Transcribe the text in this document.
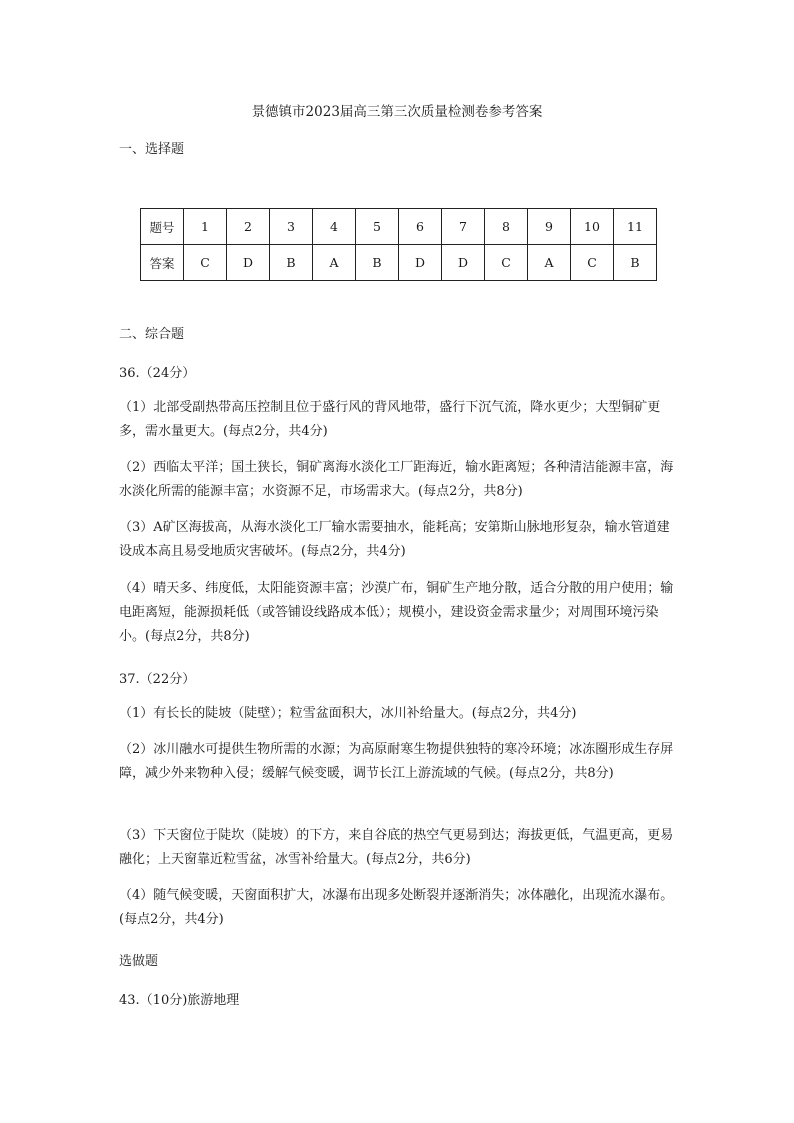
景德镇市2023届高三第三次质量检测卷参考答案
一、选择题
题号	1	2	3	4	5	6	7	8	9	10	11
答案	C	D	B	A	B	D	D	C	A	C	B
二、综合题
36.（24分）
（1）北部受副热带高压控制且位于盛行风的背风地带，盛行下沉气流，降水更少；大型铜矿更多，需水量更大。(每点2分，共4分)
（2）西临太平洋；国土狭长，铜矿离海水淡化工厂距海近，输水距离短；各种清洁能源丰富，海水淡化所需的能源丰富；水资源不足，市场需求大。(每点2分，共8分)
（3）A矿区海拔高，从海水淡化工厂输水需要抽水，能耗高；安第斯山脉地形复杂，输水管道建设成本高且易受地质灾害破坏。(每点2分，共4分)
（4）晴天多、纬度低，太阳能资源丰富；沙漠广布，铜矿生产地分散，适合分散的用户使用；输电距离短，能源损耗低（或答铺设线路成本低）；规模小，建设资金需求量少；对周围环境污染小。(每点2分，共8分)
37.（22分）
（1）有长长的陡坡（陡壁）；粒雪盆面积大，冰川补给量大。(每点2分，共4分)
（2）冰川融水可提供生物所需的水源；为高原耐寒生物提供独特的寒冷环境；冰冻圈形成生存屏障，减少外来物种入侵；缓解气候变暖，调节长江上游流域的气候。(每点2分，共8分)
（3）下天窗位于陡坎（陡坡）的下方，来自谷底的热空气更易到达；海拔更低，气温更高，更易融化；上天窗靠近粒雪盆，冰雪补给量大。(每点2分，共6分)
（4）随气候变暖，天窗面积扩大，冰瀑布出现多处断裂并逐渐消失；冰体融化，出现流水瀑布。(每点2分，共4分)
选做题
43.（10分)旅游地理
